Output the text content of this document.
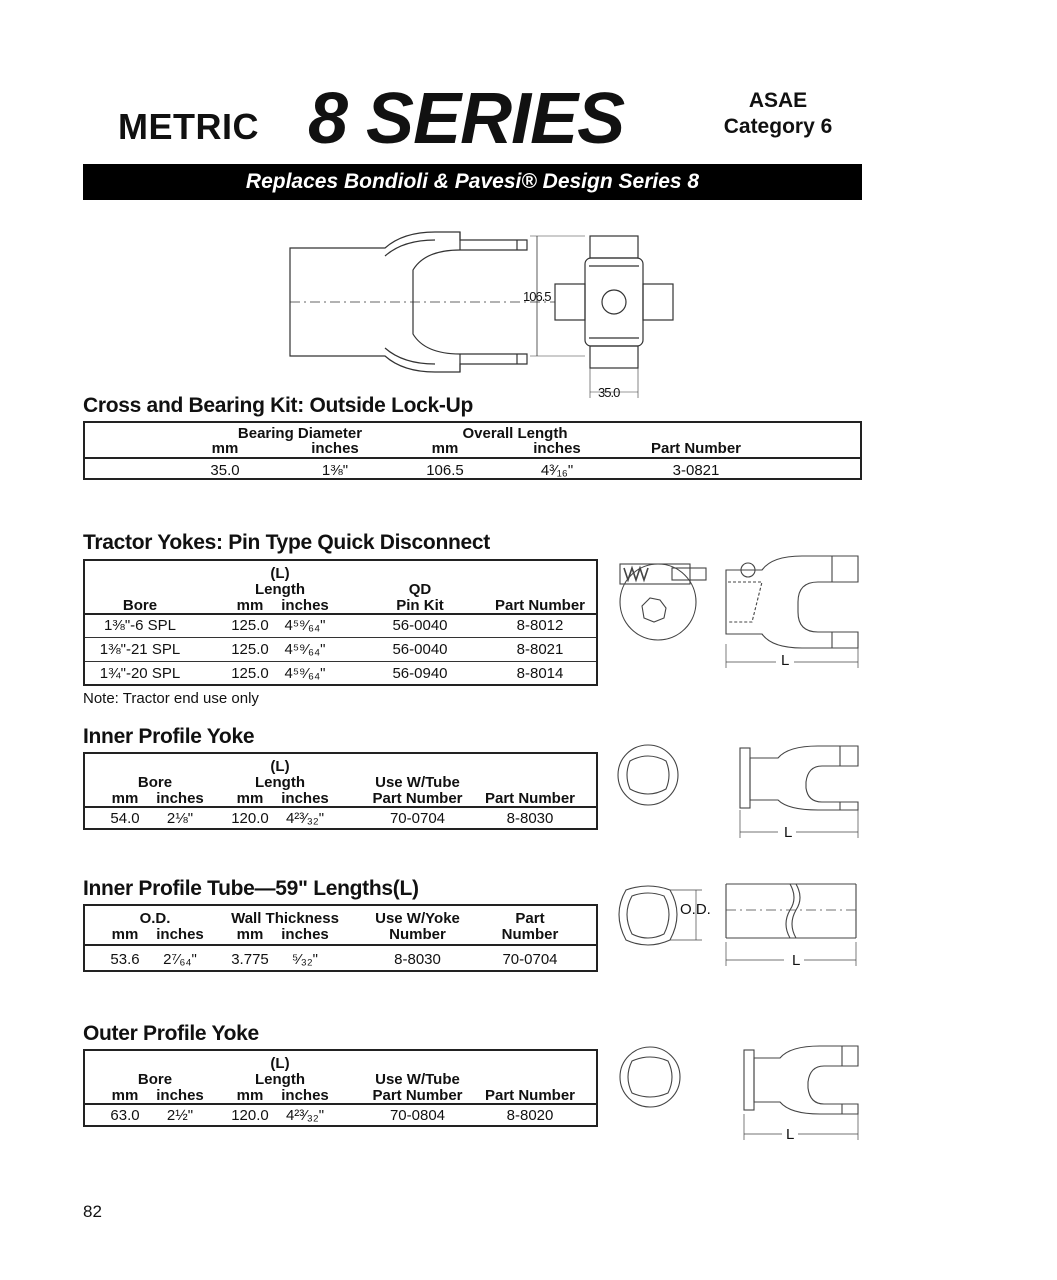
METRIC 8 SERIES	ASAE
Category 6
Replaces Bondioli & Pavesi® Design Series 8
106.5
35.0
Cross and Bearing Kit: Outside Lock-Up
Bearing Diameter	Overall Length
mm	inches	mm	inches	Part Number
35.0	1⅜"	106.5	4³⁄₁₆"	3-0821
Tractor Yokes: Pin Type Quick Disconnect
(L)
Length	QD
Bore	mm	inches	Pin Kit	Part Number
1⅜"-6 SPL	125.0	4⁵⁹⁄₆₄"	56-0040	8-8012
1⅜"-21 SPL	125.0	4⁵⁹⁄₆₄"	56-0040	8-8021
1¾"-20 SPL	125.0	4⁵⁹⁄₆₄"	56-0940	8-8014
Note: Tractor end use only
L
Inner Profile Yoke
(L)
Bore	Length	Use W/Tube
mm	inches	mm	inches	Part Number	Part Number
54.0	2⅛"	120.0	4²³⁄₃₂"	70-0704	8-8030
L
Inner Profile Tube—59" Lengths(L)
O.D.	Wall Thickness	Use W/Yoke	Part
mm	inches	mm	inches	Number	Number
53.6	2⁷⁄₆₄"	3.775	⁵⁄₃₂"	8-8030	70-0704
O.D.
L
Outer Profile Yoke
(L)
Bore	Length	Use W/Tube
mm	inches	mm	inches	Part Number	Part Number
63.0	2½"	120.0	4²³⁄₃₂"	70-0804	8-8020
L
82
